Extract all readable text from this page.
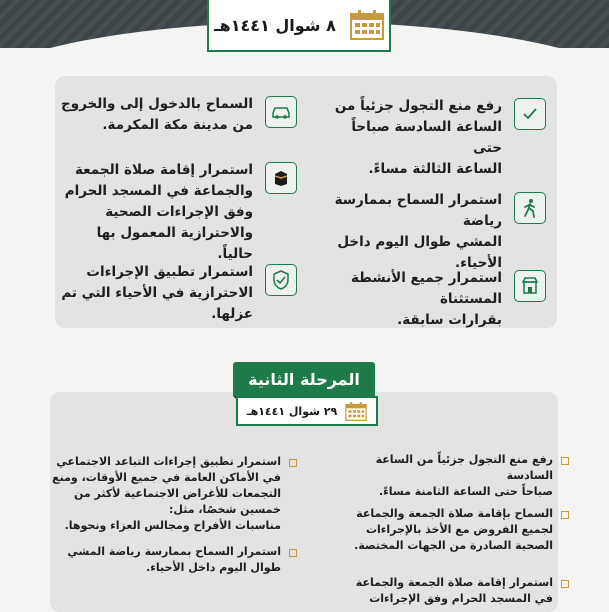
٨ شوال ١٤٤١هـ
رفع منع التجول جزئياً من
الساعة السادسة صباحاً حتى
الساعة الثالثة مساءً.
استمرار السماح بممارسة رياضة
المشي طوال اليوم داخل الأحياء.
استمرار جميع الأنشطة المستثناة
بقرارات سابقة.
السماح بالدخول إلى والخروج
من مدينة مكة المكرمة.
استمرار إقامة صلاة الجمعة
والجماعة في المسجد الحرام
وفق الإجراءات الصحية
والاحترازية المعمول بها حالياً.
استمرار تطبيق الإجراءات
الاحترازية في الأحياء التي تم
عزلها.
المرحلة الثانية
٢٩ شوال ١٤٤١هـ
رفع منع التجول جزئياً من الساعة السادسة
صباحاً حتى الساعة الثامنة مساءً.
السماح بإقامة صلاة الجمعة والجماعة
لجميع الفروض مع الأخذ بالإجراءات
الصحية الصادرة من الجهات المختصة.
استمرار إقامة صلاة الجمعة والجماعة
في المسجد الحرام وفق الإجراءات
استمرار تطبيق إجراءات التباعد الاجتماعي
في الأماكن العامة في جميع الأوقات، ومنع
التجمعات للأغراض الاجتماعية لأكثر من
خمسين شخصًا، مثل:
مناسبات الأفراح ومجالس العزاء ونحوها.
استمرار السماح بممارسة رياضة المشي
طوال اليوم داخل الأحياء.
